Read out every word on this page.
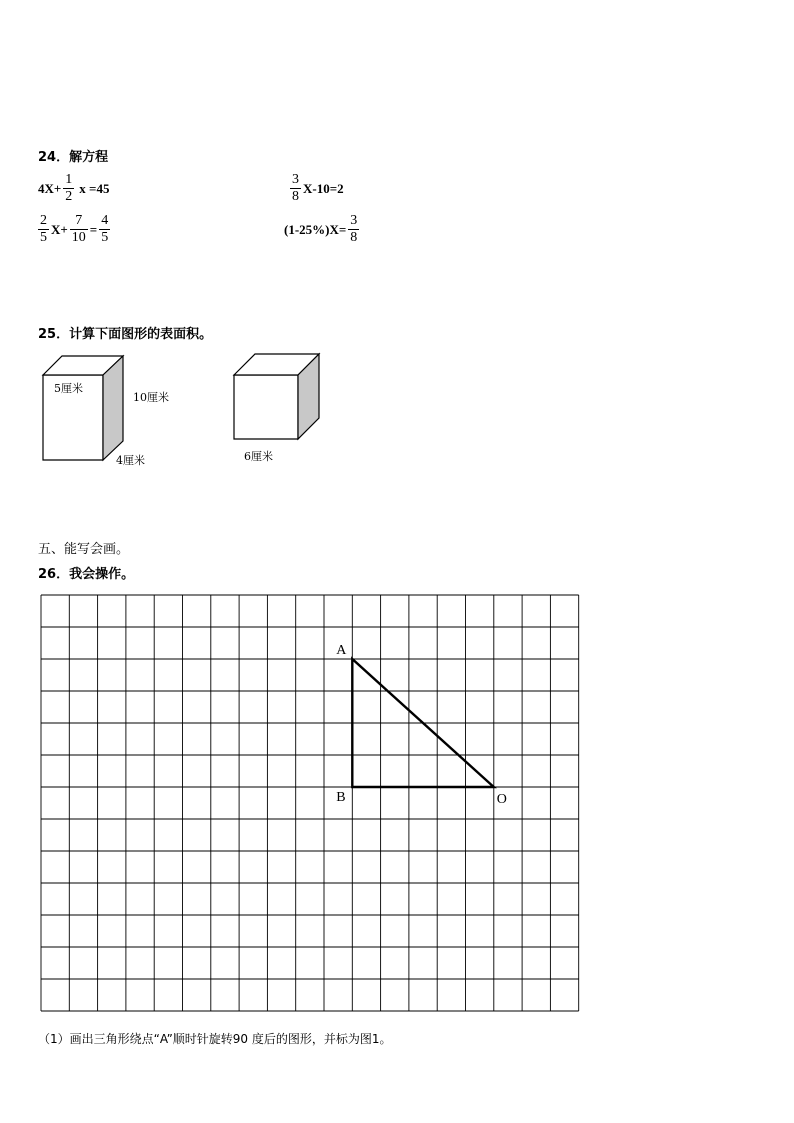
24．解方程
$4X+ \frac{1}{2}$ x =45	$\frac{3}{8} X-10=2$
$\frac{2}{5} X+ \frac{7}{10} = \frac{4}{5}$	$(1-25\%)X= \frac{3}{8}$
25．计算下面图形的表面积。
5厘米
10厘米
4厘米	6厘米
五、能写会画。
26．我会操作。
A
B	O
（1）画出三角形绕点“A”顺时针旋转90 度后的图形，并标为图1。
